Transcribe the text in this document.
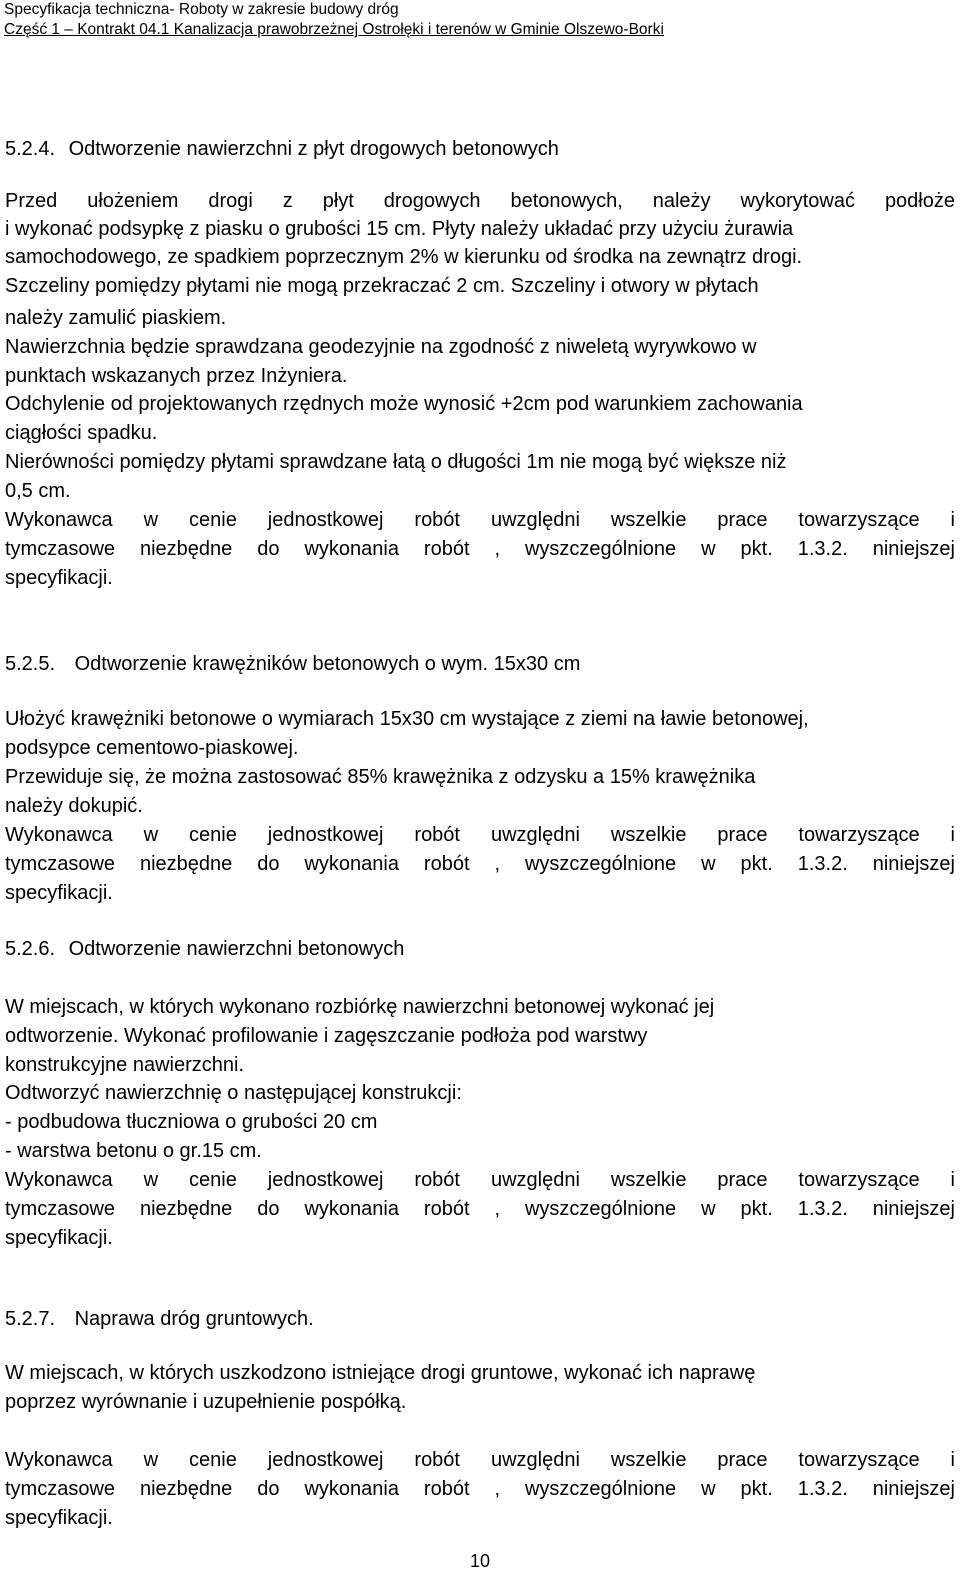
Specyfikacja techniczna- Roboty w zakresie budowy dróg
Część 1 – Kontrakt 04.1 Kanalizacja prawobrzeżnej Ostrołęki i terenów w Gminie Olszewo-Borki
5.2.4. Odtworzenie nawierzchni z płyt drogowych betonowych
Przed ułożeniem drogi z płyt drogowych betonowych, należy wykorytować podłoże
i wykonać podsypkę z piasku o grubości 15 cm. Płyty należy układać przy użyciu żurawia
samochodowego, ze spadkiem poprzecznym 2% w kierunku od środka na zewnątrz drogi.
Szczeliny pomiędzy płytami nie mogą przekraczać 2 cm. Szczeliny i otwory w płytach
należy zamulić piaskiem.
Nawierzchnia będzie sprawdzana geodezyjnie na zgodność z niweletą wyrywkowo w
punktach wskazanych przez Inżyniera.
Odchylenie od projektowanych rzędnych może wynosić +2cm pod warunkiem zachowania
ciągłości spadku.
Nierówności pomiędzy płytami sprawdzane łatą o długości 1m nie mogą być większe niż
0,5 cm.
Wykonawca w cenie jednostkowej robót uwzględni wszelkie prace towarzyszące i
tymczasowe niezbędne do wykonania robót , wyszczególnione w pkt. 1.3.2. niniejszej
specyfikacji.
5.2.5. Odtworzenie krawężników betonowych o wym. 15x30 cm
Ułożyć krawężniki betonowe o wymiarach 15x30 cm wystające z ziemi na ławie betonowej,
podsypce cementowo-piaskowej.
Przewiduje się, że można zastosować 85% krawężnika z odzysku a 15% krawężnika
należy dokupić.
Wykonawca w cenie jednostkowej robót uwzględni wszelkie prace towarzyszące i
tymczasowe niezbędne do wykonania robót , wyszczególnione w pkt. 1.3.2. niniejszej
specyfikacji.
5.2.6. Odtworzenie nawierzchni betonowych
W miejscach, w których wykonano rozbiórkę nawierzchni betonowej wykonać jej
odtworzenie. Wykonać profilowanie i zagęszczanie podłoża pod warstwy
konstrukcyjne nawierzchni.
Odtworzyć nawierzchnię o następującej konstrukcji:
- podbudowa tłuczniowa o grubości 20 cm
- warstwa betonu o gr.15 cm.
Wykonawca w cenie jednostkowej robót uwzględni wszelkie prace towarzyszące i
tymczasowe niezbędne do wykonania robót , wyszczególnione w pkt. 1.3.2. niniejszej
specyfikacji.
5.2.7. Naprawa dróg gruntowych.
W miejscach, w których uszkodzono istniejące drogi gruntowe, wykonać ich naprawę
poprzez wyrównanie i uzupełnienie pospółką.
Wykonawca w cenie jednostkowej robót uwzględni wszelkie prace towarzyszące i
tymczasowe niezbędne do wykonania robót , wyszczególnione w pkt. 1.3.2. niniejszej
specyfikacji.
10
